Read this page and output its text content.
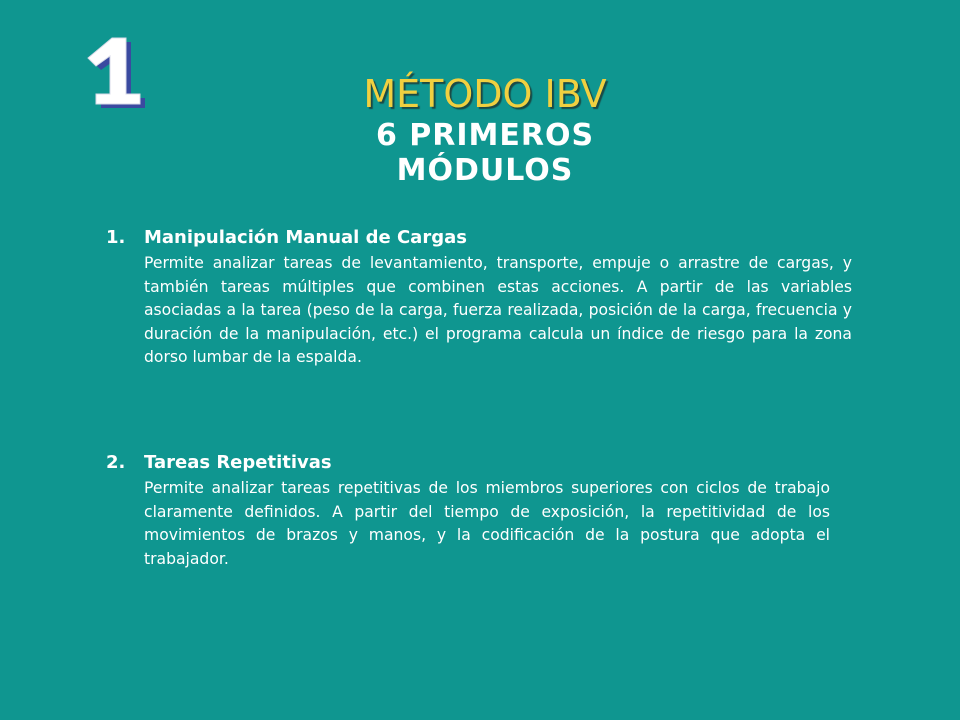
MÉTODO IBV
6 PRIMEROS MÓDULOS
1. Manipulación Manual de Cargas

Permite analizar tareas de levantamiento, transporte, empuje o arrastre de cargas, y también tareas múltiples que combinen estas acciones. A partir de las variables asociadas a la tarea (peso de la carga, fuerza realizada, posición de la carga, frecuencia y duración de la manipulación, etc.) el programa calcula un índice de riesgo para la zona dorso lumbar de la espalda.

2. Tareas Repetitivas

Permite analizar tareas repetitivas de los miembros superiores con ciclos de trabajo claramente definidos. A partir del tiempo de exposición, la repetitividad de los movimientos de brazos y manos, y la codificación de la postura que adopta el trabajador.
